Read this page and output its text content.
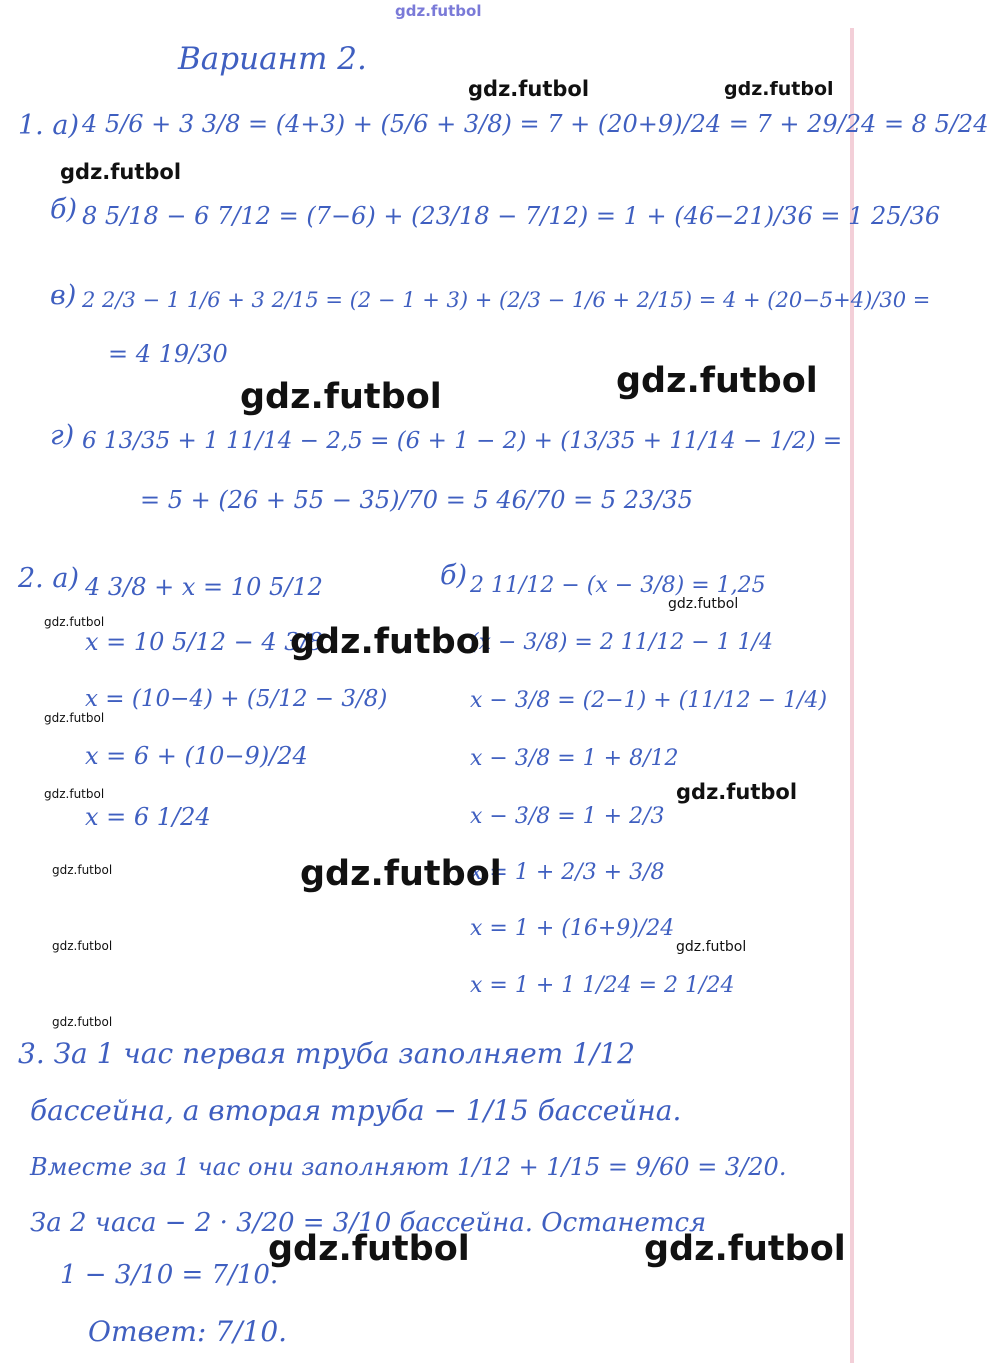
gdz.futbol
Вариант 2.
1. а) 4 5/6 + 3 3/8 = (4+3) + (5/6 + 3/8) = 7 + (20+9)/24 = 7 + 29/24 = 8 5/24
б) 8 5/18 − 6 7/12 = (7−6) + (23/18 − 7/12) = 1 + (46−21)/36 = 1 25/36
в) 2 2/3 − 1 1/6 + 3 2/15 = (2 − 1 + 3) + (2/3 − 1/6 + 2/15) = 4 + (20−5+4)/30 =
= 4 19/30
г) 6 13/35 + 1 11/14 − 2,5 = (6 + 1 − 2) + (13/35 + 11/14 − 1/2) =
= 5 + (26 + 55 − 35)/70 = 5 46/70 = 5 23/35
2. а) 4 3/8 + x = 10 5/12
x = 10 5/12 − 4 3/8
x = (10−4) + (5/12 − 3/8)
x = 6 + (10−9)/24
x = 6 1/24
б) 2 11/12 − (x − 3/8) = 1,25
(x − 3/8) = 2 11/12 − 1 1/4
x − 3/8 = (2−1) + (11/12 − 1/4)
x − 3/8 = 1 + 8/12
x − 3/8 = 1 + 2/3
x = 1 + 2/3 + 3/8
x = 1 + (16+9)/24
x = 1 + 1 1/24 = 2 1/24
3. За 1 час первая труба заполняет 1/12
бассейна, а вторая труба − 1/15 бассейна.
Вместе за 1 час они заполняют 1/12 + 1/15 = 9/60 = 3/20.
За 2 часа − 2 · 3/20 = 3/10 бассейна. Останется
1 − 3/10 = 7/10.
Ответ: 7/10.
gdz.futbol	gdz.futbol
gdz.futbol
gdz.futbol	gdz.futbol
gdz.futbol	gdz.futbol
gdz.futbol
gdz.futbol
gdz.futbol	gdz.futbol
gdz.futbol	gdz.futbol
gdz.futbol	gdz.futbol
gdz.futbol
gdz.futbol	gdz.futbol
